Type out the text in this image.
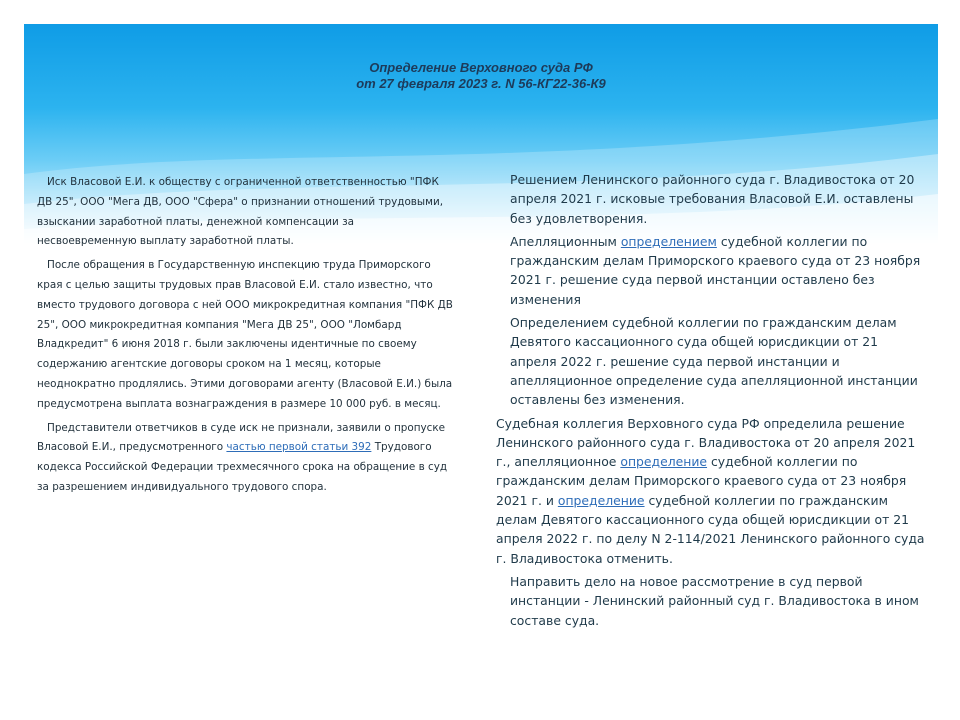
Определение Верховного суда РФ
от 27 февраля 2023 г. N 56-КГ22-36-К9

Иск Власовой Е.И. к обществу с ограниченной ответственностью "ПФК ДВ 25", ООО "Мега ДВ, ООО "Сфера" о признании отношений трудовыми, взыскании заработной платы, денежной компенсации за несвоевременную выплату заработной платы.

После обращения в Государственную инспекцию труда Приморского края с целью защиты трудовых прав Власовой Е.И. стало известно, что вместо трудового договора с ней ООО микрокредитная компания "ПФК ДВ 25", ООО микрокредитная компания "Мега ДВ 25", ООО "Ломбард Владкредит" 6 июня 2018 г. были заключены идентичные по своему содержанию агентские договоры сроком на 1 месяц, которые неоднократно продлялись. Этими договорами агенту (Власовой Е.И.) была предусмотрена выплата вознаграждения в размере 10 000 руб. в месяц.

Представители ответчиков в суде иск не признали, заявили о пропуске Власовой Е.И., предусмотренного частью первой статьи 392 Трудового кодекса Российской Федерации трехмесячного срока на обращение в суд за разрешением индивидуального трудового спора.

Решением Ленинского районного суда г. Владивостока от 20 апреля 2021 г. исковые требования Власовой Е.И. оставлены без удовлетворения.

Апелляционным определением судебной коллегии по гражданским делам Приморского краевого суда от 23 ноября 2021 г. решение суда первой инстанции оставлено без изменения

Определением судебной коллегии по гражданским делам Девятого кассационного суда общей юрисдикции от 21 апреля 2022 г. решение суда первой инстанции и апелляционное определение суда апелляционной инстанции оставлены без изменения.

Судебная коллегия Верховного суда РФ определила решение Ленинского районного суда г. Владивостока от 20 апреля 2021 г., апелляционное определение судебной коллегии по гражданским делам Приморского краевого суда от 23 ноября 2021 г. и определение судебной коллегии по гражданским делам Девятого кассационного суда общей юрисдикции от 21 апреля 2022 г. по делу N 2-114/2021 Ленинского районного суда г. Владивостока отменить.

Направить дело на новое рассмотрение в суд первой инстанции - Ленинский районный суд г. Владивостока в ином составе суда.
